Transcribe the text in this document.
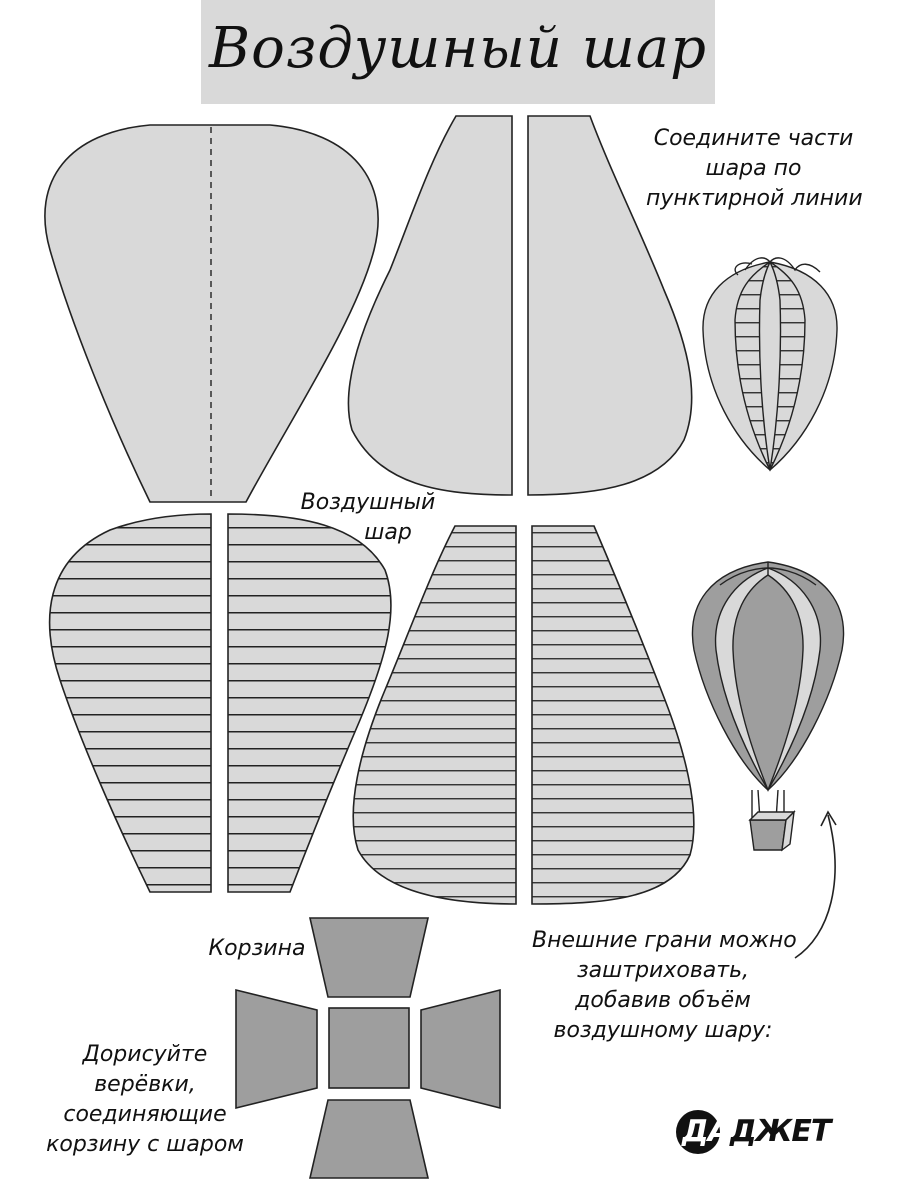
Воздушный шар
Соедините части
шара по
пунктирной линии
Воздушный
шар
Корзина	Внешние грани можно
заштриховать,
добавив объём
воздушному шару:
Дорисуйте
верёвки,
соединяющие
корзину с шаром	ДАДЖЕТ
